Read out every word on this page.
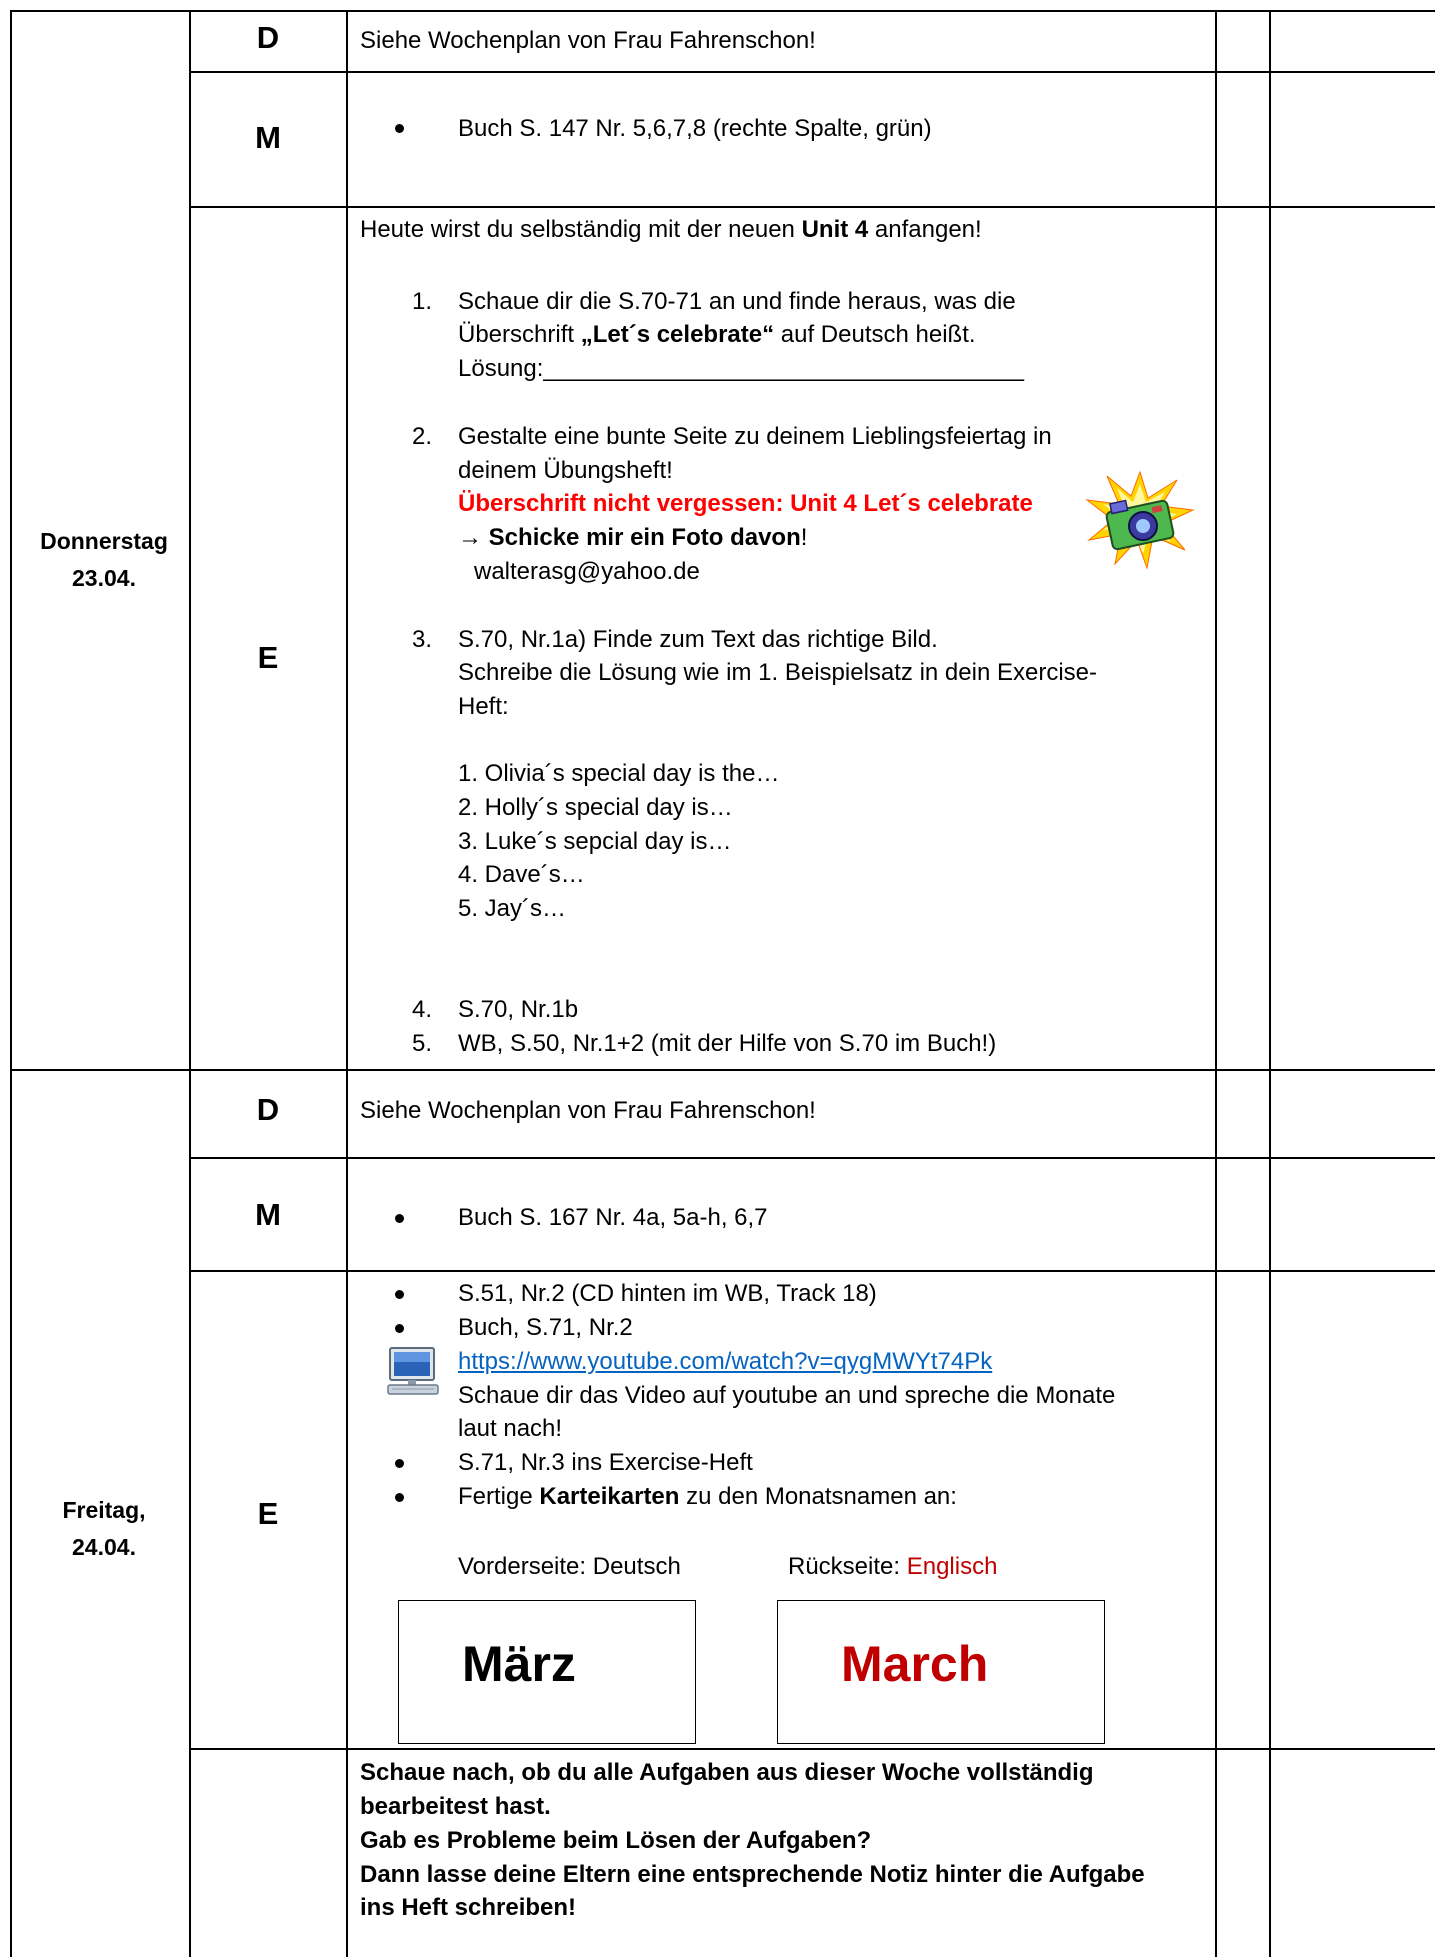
Donnerstag
23.04.
D	Siehe Wochenplan von Frau Fahrenschon!
M	Buch S. 147 Nr. 5,6,7,8 (rechte Spalte, grün)
E
Heute wirst du selbständig mit der neuen Unit 4 anfangen!
1. Schaue dir die S.70-71 an und finde heraus, was die
Überschrift „Let´s celebrate“ auf Deutsch heißt.
Lösung:____________________________________
2. Gestalte eine bunte Seite zu deinem Lieblingsfeiertag in
deinem Übungsheft!
Überschrift nicht vergessen: Unit 4 Let´s celebrate
→ Schicke mir ein Foto davon!
walterasg@yahoo.de
3. S.70, Nr.1a) Finde zum Text das richtige Bild.
Schreibe die Lösung wie im 1. Beispielsatz in dein Exercise-
Heft:
1. Olivia´s special day is the…
2. Holly´s special day is…
3. Luke´s sepcial day is…
4. Dave´s…
5. Jay´s…
4. S.70, Nr.1b
5. WB, S.50, Nr.1+2 (mit der Hilfe von S.70 im Buch!)
Freitag,
24.04.
D	Siehe Wochenplan von Frau Fahrenschon!
M	Buch S. 167 Nr. 4a, 5a-h, 6,7
E
S.51, Nr.2 (CD hinten im WB, Track 18)
Buch, S.71, Nr.2
https://www.youtube.com/watch?v=qygMWYt74Pk
Schaue dir das Video auf youtube an und spreche die Monate
laut nach!
S.71, Nr.3 ins Exercise-Heft
Fertige Karteikarten zu den Monatsnamen an:
Vorderseite: Deutsch	Rückseite: Englisch
März	March
Schaue nach, ob du alle Aufgaben aus dieser Woche vollständig
bearbeitest hast.
Gab es Probleme beim Lösen der Aufgaben?
Dann lasse deine Eltern eine entsprechende Notiz hinter die Aufgabe
ins Heft schreiben!
